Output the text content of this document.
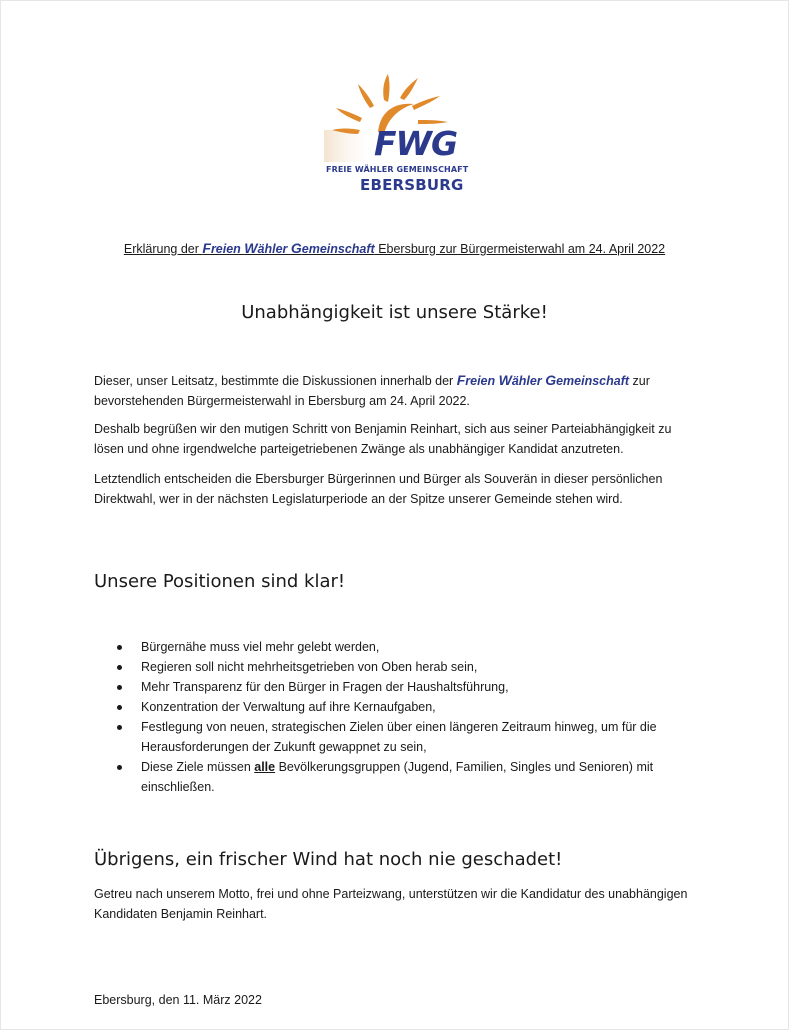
FWG
FREIE WÄHLER GEMEINSCHAFT
EBERSBURG
Erklärung der Freien Wähler Gemeinschaft Ebersburg zur Bürgermeisterwahl am 24. April 2022
Unabhängigkeit ist unsere Stärke!
Dieser, unser Leitsatz, bestimmte die Diskussionen innerhalb der Freien Wähler Gemeinschaft zur bevorstehenden Bürgermeisterwahl in Ebersburg am 24. April 2022.
Deshalb begrüßen wir den mutigen Schritt von Benjamin Reinhart, sich aus seiner Parteiabhängigkeit zu lösen und ohne irgendwelche parteigetriebenen Zwänge als unabhängiger Kandidat anzutreten.
Letztendlich entscheiden die Ebersburger Bürgerinnen und Bürger als Souverän in dieser persönlichen Direktwahl, wer in der nächsten Legislaturperiode an der Spitze unserer Gemeinde stehen wird.
Unsere Positionen sind klar!
Bürgernähe muss viel mehr gelebt werden,
Regieren soll nicht mehrheitsgetrieben von Oben herab sein,
Mehr Transparenz für den Bürger in Fragen der Haushaltsführung,
Konzentration der Verwaltung auf ihre Kernaufgaben,
Festlegung von neuen, strategischen Zielen über einen längeren Zeitraum hinweg, um für die Herausforderungen der Zukunft gewappnet zu sein,
Diese Ziele müssen alle Bevölkerungsgruppen (Jugend, Familien, Singles und Senioren) mit einschließen.
Übrigens, ein frischer Wind hat noch nie geschadet!
Getreu nach unserem Motto, frei und ohne Parteizwang, unterstützen wir die Kandidatur des unabhängigen Kandidaten Benjamin Reinhart.
Ebersburg, den 11. März 2022
